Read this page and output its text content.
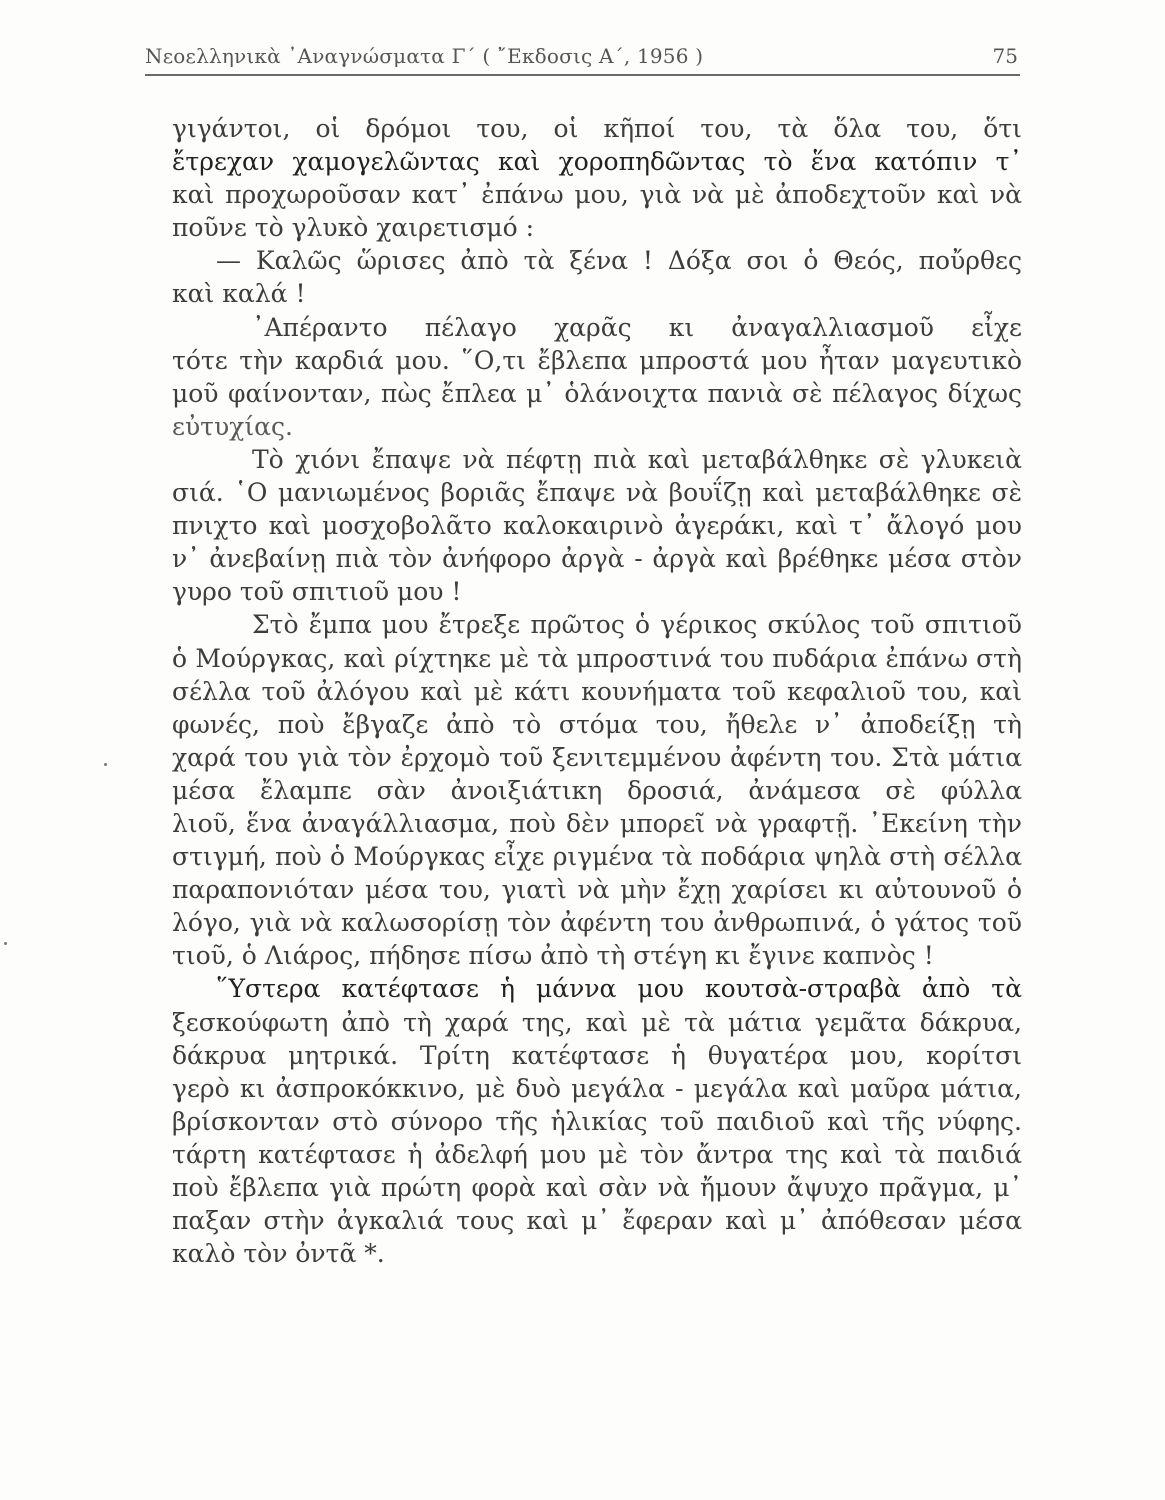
Νεοελληνικὰ ᾿Αναγνώσματα Γ΄ ( ῎Εκδοσις Α΄, 1956 )	75
γιγάντοι, οἱ δρόμοι του, οἱ κῆποί του, τὰ ὅλα του, ὅτι
ἔτρεχαν χαμογελῶντας καὶ χοροπηδῶντας τὸ ἕνα κατόπιν τ᾿
καὶ προχωροῦσαν κατ᾿ ἐπάνω μου, γιὰ νὰ μὲ ἀποδεχτοῦν καὶ νὰ
ποῦνε τὸ γλυκὸ χαιρετισμό :
— Καλῶς ὥρισες ἀπὸ τὰ ξένα ! Δόξα σοι ὁ Θεός, ποὔρθες
καὶ καλά !
᾿Απέραντο πέλαγο χαρᾶς κι ἀναγαλλιασμοῦ εἶχε
τότε τὴν καρδιά μου. ῞Ο,τι ἔβλεπα μπροστά μου ἦταν μαγευτικὸ
μοῦ φαίνονταν, πὼς ἔπλεα μ᾿ ὁλάνοιχτα πανιὰ σὲ πέλαγος δίχως
εὐτυχίας.
Τὸ χιόνι ἔπαψε νὰ πέφτῃ πιὰ καὶ μεταβάλθηκε σὲ γλυκειὰ
σιά. ῾Ο μανιωμένος βοριᾶς ἔπαψε νὰ βουΐζῃ καὶ μεταβάλθηκε σὲ
πνιχτο καὶ μοσχοβολᾶτο καλοκαιρινὸ ἀγεράκι, καὶ τ᾿ ἄλογό μου
ν᾿ ἀνεβαίνῃ πιὰ τὸν ἀνήφορο ἀργὰ - ἀργὰ καὶ βρέθηκε μέσα στὸν
γυρο τοῦ σπιτιοῦ μου !
Στὸ ἔμπα μου ἔτρεξε πρῶτος ὁ γέρικος σκύλος τοῦ σπιτιοῦ
ὁ Μούργκας, καὶ ρίχτηκε μὲ τὰ μπροστινά του πυδάρια ἐπάνω στὴ
σέλλα τοῦ ἀλόγου καὶ μὲ κάτι κουνήματα τοῦ κεφαλιοῦ του, καὶ
φωνές, ποὺ ἔβγαζε ἀπὸ τὸ στόμα του, ἤθελε ν᾿ ἀποδείξῃ τὴ
χαρά του γιὰ τὸν ἐρχομὸ τοῦ ξενιτεμμένου ἀφέντη του. Στὰ μάτια
μέσα ἔλαμπε σὰν ἀνοιξιάτικη δροσιά, ἀνάμεσα σὲ φύλλα
λιοῦ, ἕνα ἀναγάλλιασμα, ποὺ δὲν μπορεῖ νὰ γραφτῇ. ᾿Εκείνη τὴν
στιγμή, ποὺ ὁ Μούργκας εἶχε ριγμένα τὰ ποδάρια ψηλὰ στὴ σέλλα
παραπονιόταν μέσα του, γιατὶ νὰ μὴν ἔχῃ χαρίσει κι αὐτουνοῦ ὁ
λόγο, γιὰ νὰ καλωσορίσῃ τὸν ἀφέντη του ἀνθρωπινά, ὁ γάτος τοῦ
τιοῦ, ὁ Λιάρος, πήδησε πίσω ἀπὸ τὴ στέγη κι ἔγινε καπνὸς !
῞Υστερα κατέφτασε ἡ μάννα μου κουτσὰ-στραβὰ ἀπὸ τὰ
ξεσκούφωτη ἀπὸ τὴ χαρά της, καὶ μὲ τὰ μάτια γεμᾶτα δάκρυα,
δάκρυα μητρικά. Τρίτη κατέφτασε ἡ θυγατέρα μου, κορίτσι
γερὸ κι ἀσπροκόκκινο, μὲ δυὸ μεγάλα - μεγάλα καὶ μαῦρα μάτια,
βρίσκονταν στὸ σύνορο τῆς ἡλικίας τοῦ παιδιοῦ καὶ τῆς νύφης.
τάρτη κατέφτασε ἡ ἀδελφή μου μὲ τὸν ἄντρα της καὶ τὰ παιδιά
ποὺ ἔβλεπα γιὰ πρώτη φορὰ καὶ σὰν νὰ ἤμουν ἄψυχο πρᾶγμα, μ᾿
παξαν στὴν ἀγκαλιά τους καὶ μ᾿ ἔφεραν καὶ μ᾿ ἀπόθεσαν μέσα
καλὸ τὸν ὀντᾶ *.
